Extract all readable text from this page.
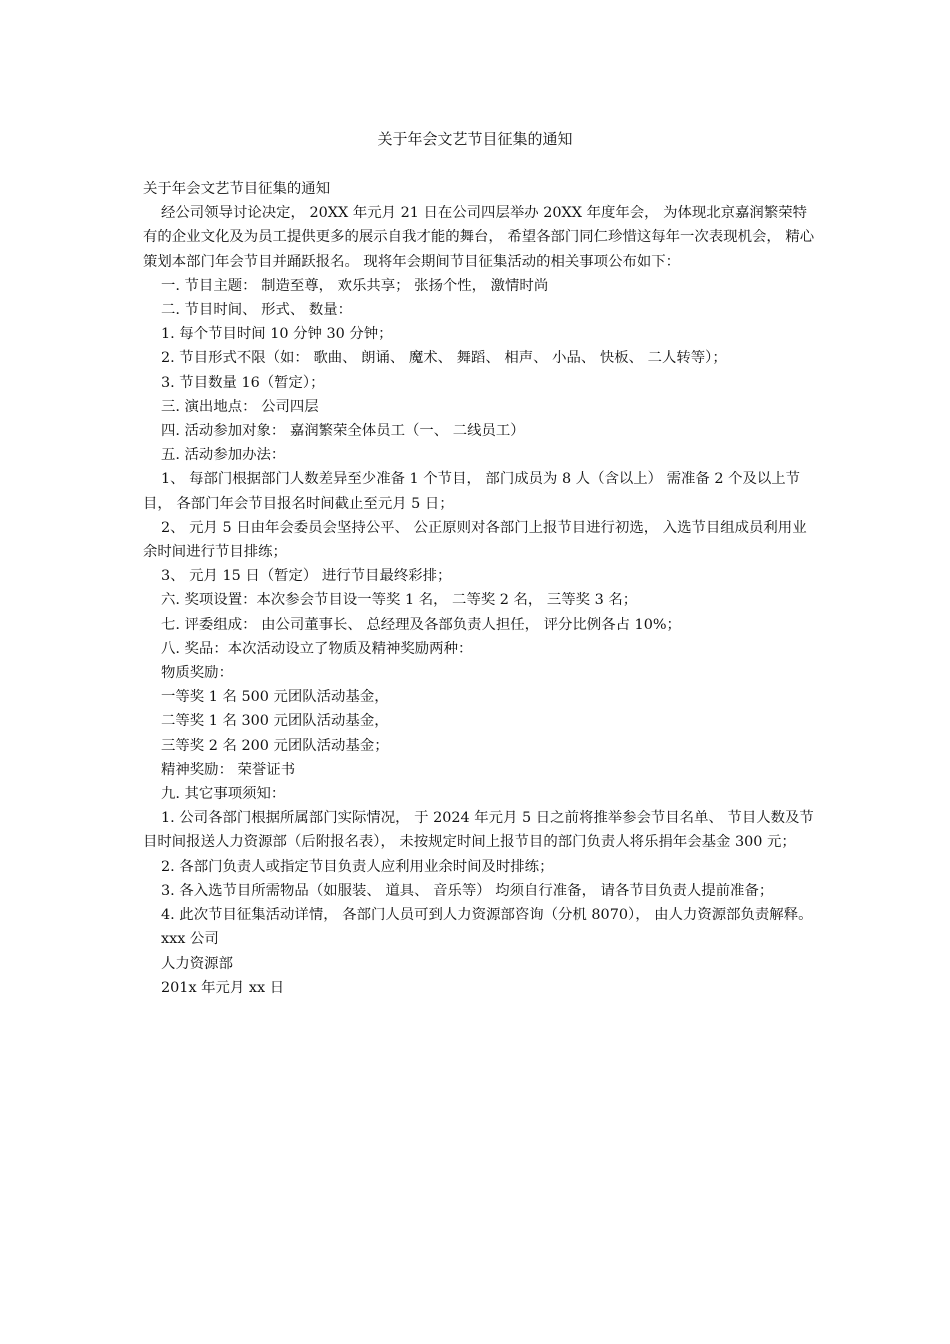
关于年会文艺节目征集的通知

关于年会文艺节目征集的通知

经公司领导讨论决定， 20XX 年元月 21 日在公司四层举办 20XX 年度年会， 为体现北京嘉润繁荣特有的企业文化及为员工提供更多的展示自我才能的舞台， 希望各部门同仁珍惜这每年一次表现机会， 精心策划本部门年会节目并踊跃报名。 现将年会期间节目征集活动的相关事项公布如下：

一. 节目主题： 制造至尊， 欢乐共享； 张扬个性， 激情时尚

二. 节目时间、 形式、 数量：

1. 每个节目时间 10 分钟 30 分钟；

2. 节目形式不限（如： 歌曲、 朗诵、 魔术、 舞蹈、 相声、 小品、 快板、 二人转等）；

3. 节目数量 16（暂定）；

三. 演出地点： 公司四层

四. 活动参加对象： 嘉润繁荣全体员工（一、 二线员工）

五. 活动参加办法：

1、 每部门根据部门人数差异至少准备 1 个节目， 部门成员为 8 人（含以上） 需准备 2 个及以上节目， 各部门年会节目报名时间截止至元月 5 日；

2、 元月 5 日由年会委员会坚持公平、 公正原则对各部门上报节目进行初选， 入选节目组成员利用业余时间进行节目排练；

3、 元月 15 日（暂定） 进行节目最终彩排；

六. 奖项设置：本次参会节目设一等奖 1 名， 二等奖 2 名， 三等奖 3 名；

七. 评委组成： 由公司董事长、 总经理及各部负责人担任， 评分比例各占 10%；

八. 奖品：本次活动设立了物质及精神奖励两种：

物质奖励：

一等奖 1 名 500 元团队活动基金，

二等奖 1 名 300 元团队活动基金，

三等奖 2 名 200 元团队活动基金；

精神奖励： 荣誉证书

九. 其它事项须知：

1. 公司各部门根据所属部门实际情况， 于 2024 年元月 5 日之前将推举参会节目名单、 节目人数及节目时间报送人力资源部（后附报名表）， 未按规定时间上报节目的部门负责人将乐捐年会基金 300 元；

2. 各部门负责人或指定节目负责人应利用业余时间及时排练；

3. 各入选节目所需物品（如服装、 道具、 音乐等） 均须自行准备， 请各节目负责人提前准备；

4. 此次节目征集活动详情， 各部门人员可到人力资源部咨询（分机 8070）， 由人力资源部负责解释。

xxx 公司

人力资源部

201x 年元月 xx 日
